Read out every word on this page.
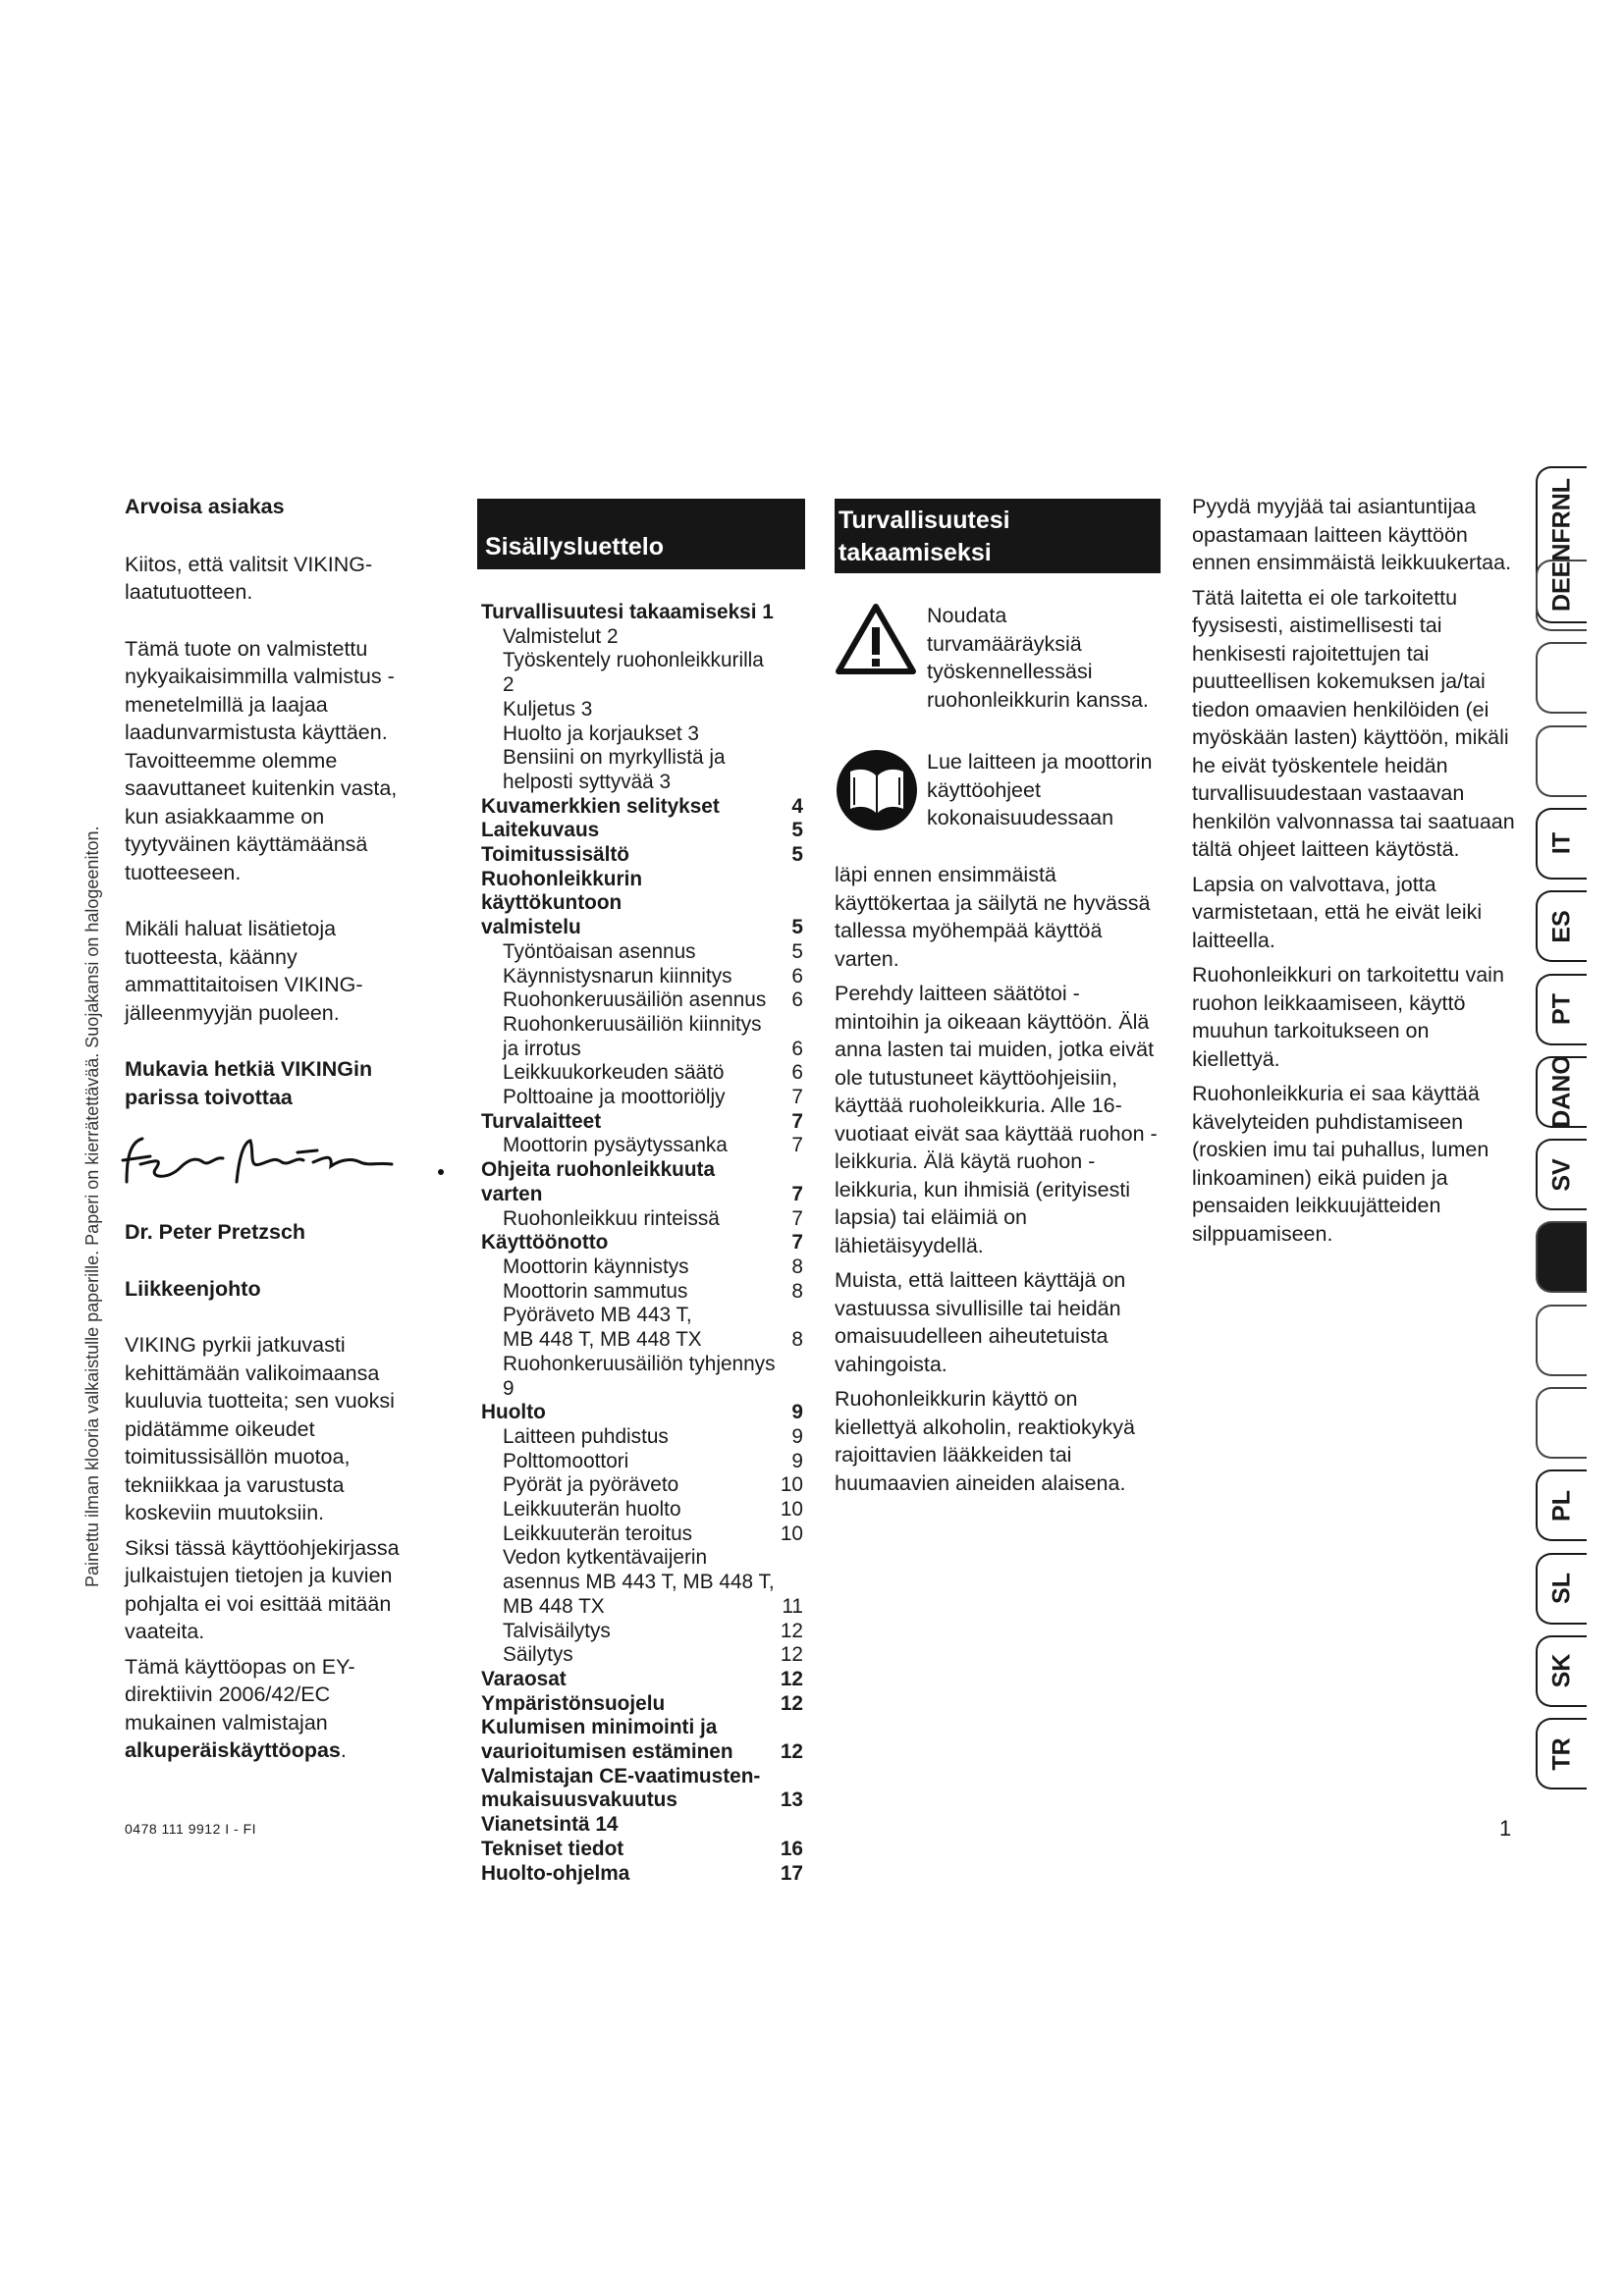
Painettu ilman klooria valkaistulle paperille. Paperi on kierrätettävää. Suojakansi on halogeeniton.

Arvoisa asiakas

Kiitos, että valitsit VIKING-laatutuotteen.

Tämä tuote on valmistettu nykyaikaisimmilla valmistus - menetelmillä ja laajaa laadunvarmistusta käyttäen. Tavoitteemme olemme saavuttaneet kuitenkin vasta, kun asiakkaamme on tyytyväinen käyttämäänsä tuotteeseen.

Mikäli haluat lisätietoja tuotteesta, käänny ammattitaitoisen VIKING-jälleenmyyjän puoleen.

Mukavia hetkiä VIKINGin parissa toivottaa

Dr. Peter Pretzsch

Liikkeenjohto

VIKING pyrkii jatkuvasti kehittämään valikoimaansa kuuluvia tuotteita; sen vuoksi pidätämme oikeudet toimitussisällön muotoa, tekniikkaa ja varustusta koskeviin muutoksiin.

Siksi tässä käyttöohjekirjassa julkaistujen tietojen ja kuvien pohjalta ei voi esittää mitään vaateita.

Tämä käyttöopas on EY-direktiivin 2006/42/EC mukainen valmistajan alkuperäiskäyttöopas.

0478 111 9912 I - FI
Sisällysluettelo
Turvallisuutesi takaamiseksi 1
Valmistelut 2
Työskentely ruohonleikkurilla 2
Kuljetus 3
Huolto ja korjaukset 3
Bensiini on myrkyllistä ja
helposti syttyvää 3
Kuvamerkkien selitykset	4
Laitekuvaus	5
Toimitussisältö	5
Ruohonleikkurin käyttökuntoon
valmistelu	5
Työntöaisan asennus	5
Käynnistysnarun kiinnitys	6
Ruohonkeruusäiliön asennus	6
Ruohonkeruusäiliön kiinnitys
ja irrotus	6
Leikkuukorkeuden säätö	6
Polttoaine ja moottoriöljy	7
Turvalaitteet	7
Moottorin pysäytyssanka	7
Ohjeita ruohonleikkuuta
varten	7
Ruohonleikkuu rinteissä	7
Käyttöönotto	7
Moottorin käynnistys	8
Moottorin sammutus	8
Pyöräveto MB 443 T,
MB 448 T, MB 448 TX	8
Ruohonkeruusäiliön tyhjennys 9
Huolto	9
Laitteen puhdistus	9
Polttomoottori	9
Pyörät ja pyöräveto	10
Leikkuuterän huolto	10
Leikkuuterän teroitus	10
Vedon kytkentävaijerin
asennus MB 443 T, MB 448 T,
MB 448 TX	11
Talvisäilytys	12
Säilytys	12
Varaosat	12
Ympäristönsuojelu	12
Kulumisen minimointi ja
vaurioitumisen estäminen	12
Valmistajan CE-vaatimusten-
mukaisuusvakuutus	13
Vianetsintä 14
Tekniset tiedot	16
Huolto-ohjelma	17
Turvallisuutesi takaamiseksi
Noudata turvamääräyksiä työskennellessäsi ruohonleikkurin kanssa.
Lue laitteen ja moottorin käyttöohjeet kokonaisuudessaan

läpi ennen ensimmäistä käyttökertaa ja säilytä ne hyvässä tallessa myöhempää käyttöä varten.

Perehdy laitteen säätötoi - mintoihin ja oikeaan käyttöön. Älä anna lasten tai muiden, jotka eivät ole tutustuneet käyttöohjeisiin, käyttää ruoholeikkuria. Alle 16-vuotiaat eivät saa käyttää ruohon - leikkuria. Älä käytä ruohon - leikkuria, kun ihmisiä (erityisesti lapsia) tai eläimiä on lähietäisyydellä.

Muista, että laitteen käyttäjä on vastuussa sivullisille tai heidän omaisuudelleen aiheutetuista vahingoista.

Ruohonleikkurin käyttö on kiellettyä alkoholin, reaktiokykyä rajoittavien lääkkeiden tai huumaavien aineiden alaisena.

Pyydä myyjää tai asiantuntijaa opastamaan laitteen käyttöön ennen ensimmäistä leikkuukertaa.

Tätä laitetta ei ole tarkoitettu fyysisesti, aistimellisesti tai henkisesti rajoitettujen tai puutteellisen kokemuksen ja/tai tiedon omaavien henkilöiden (ei myöskään lasten) käyttöön, mikäli he eivät työskentele heidän turvallisuudestaan vastaavan henkilön valvonnassa tai saatuaan tältä ohjeet laitteen käytöstä.

Lapsia on valvottava, jotta varmistetaan, että he eivät leiki laitteella.

Ruohonleikkuri on tarkoitettu vain ruohon leikkaamiseen, käyttö muuhun tarkoitukseen on kiellettyä.

Ruohonleikkuria ei saa käyttää kävelyteiden puhdistamiseen (roskien imu tai puhallus, lumen linkoaminen) eikä puiden ja pensaiden leikkuujätteiden silppuamiseen.

DEENFRNL
IT
ES
PT
DANO
SV
PL
SL
SK
TR
1
